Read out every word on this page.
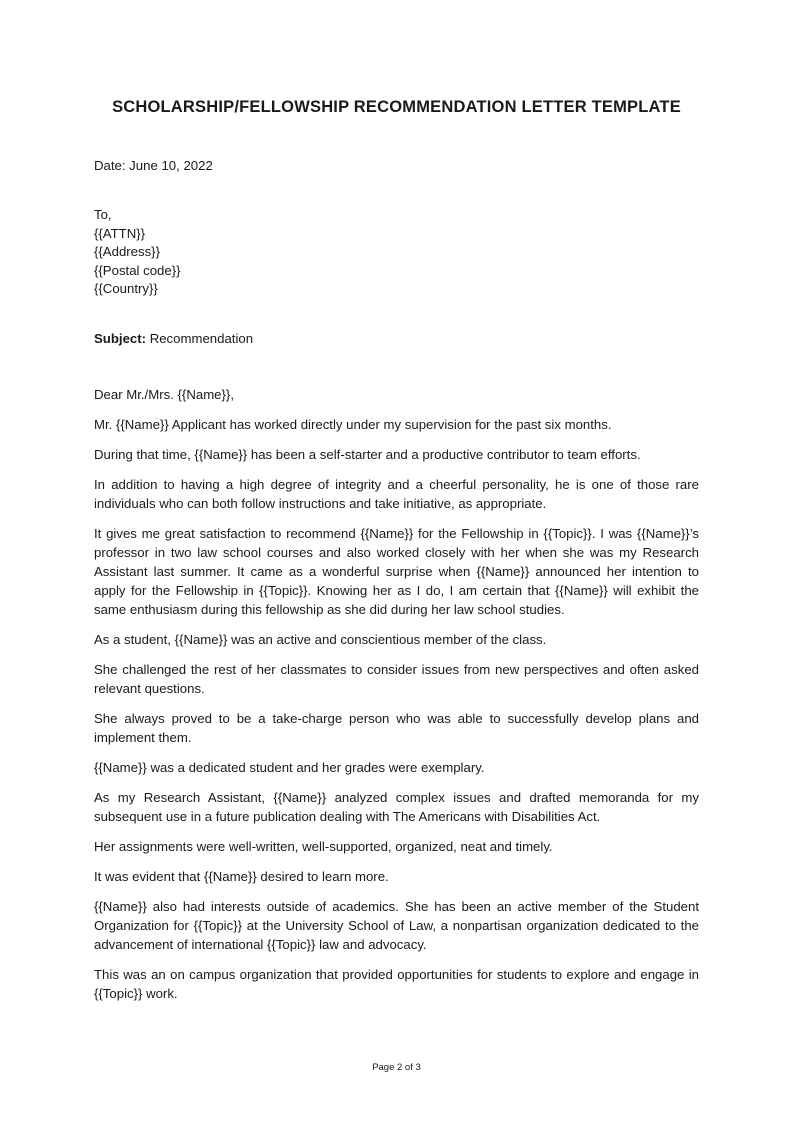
SCHOLARSHIP/FELLOWSHIP RECOMMENDATION LETTER TEMPLATE
Date: June 10, 2022
To,
{{ATTN}}
{{Address}}
{{Postal code}}
{{Country}}
Subject: Recommendation

Dear Mr./Mrs. {{Name}},

Mr. {{Name}} Applicant has worked directly under my supervision for the past six months.

During that time, {{Name}} has been a self-starter and a productive contributor to team efforts.

In addition to having a high degree of integrity and a cheerful personality, he is one of those rare individuals who can both follow instructions and take initiative, as appropriate.

It gives me great satisfaction to recommend {{Name}} for the Fellowship in {{Topic}}. I was {{Name}}’s professor in two law school courses and also worked closely with her when she was my Research Assistant last summer. It came as a wonderful surprise when {{Name}} announced her intention to apply for the Fellowship in {{Topic}}. Knowing her as I do, I am certain that {{Name}} will exhibit the same enthusiasm during this fellowship as she did during her law school studies.

As a student, {{Name}} was an active and conscientious member of the class.

She challenged the rest of her classmates to consider issues from new perspectives and often asked relevant questions.

She always proved to be a take-charge person who was able to successfully develop plans and implement them.

{{Name}} was a dedicated student and her grades were exemplary.

As my Research Assistant, {{Name}} analyzed complex issues and drafted memoranda for my subsequent use in a future publication dealing with The Americans with Disabilities Act.

Her assignments were well-written, well-supported, organized, neat and timely.

It was evident that {{Name}} desired to learn more.

{{Name}} also had interests outside of academics. She has been an active member of the Student Organization for {{Topic}} at the University School of Law, a nonpartisan organization dedicated to the advancement of international {{Topic}} law and advocacy.

This was an on campus organization that provided opportunities for students to explore and engage in {{Topic}} work.

Page 2 of 3
